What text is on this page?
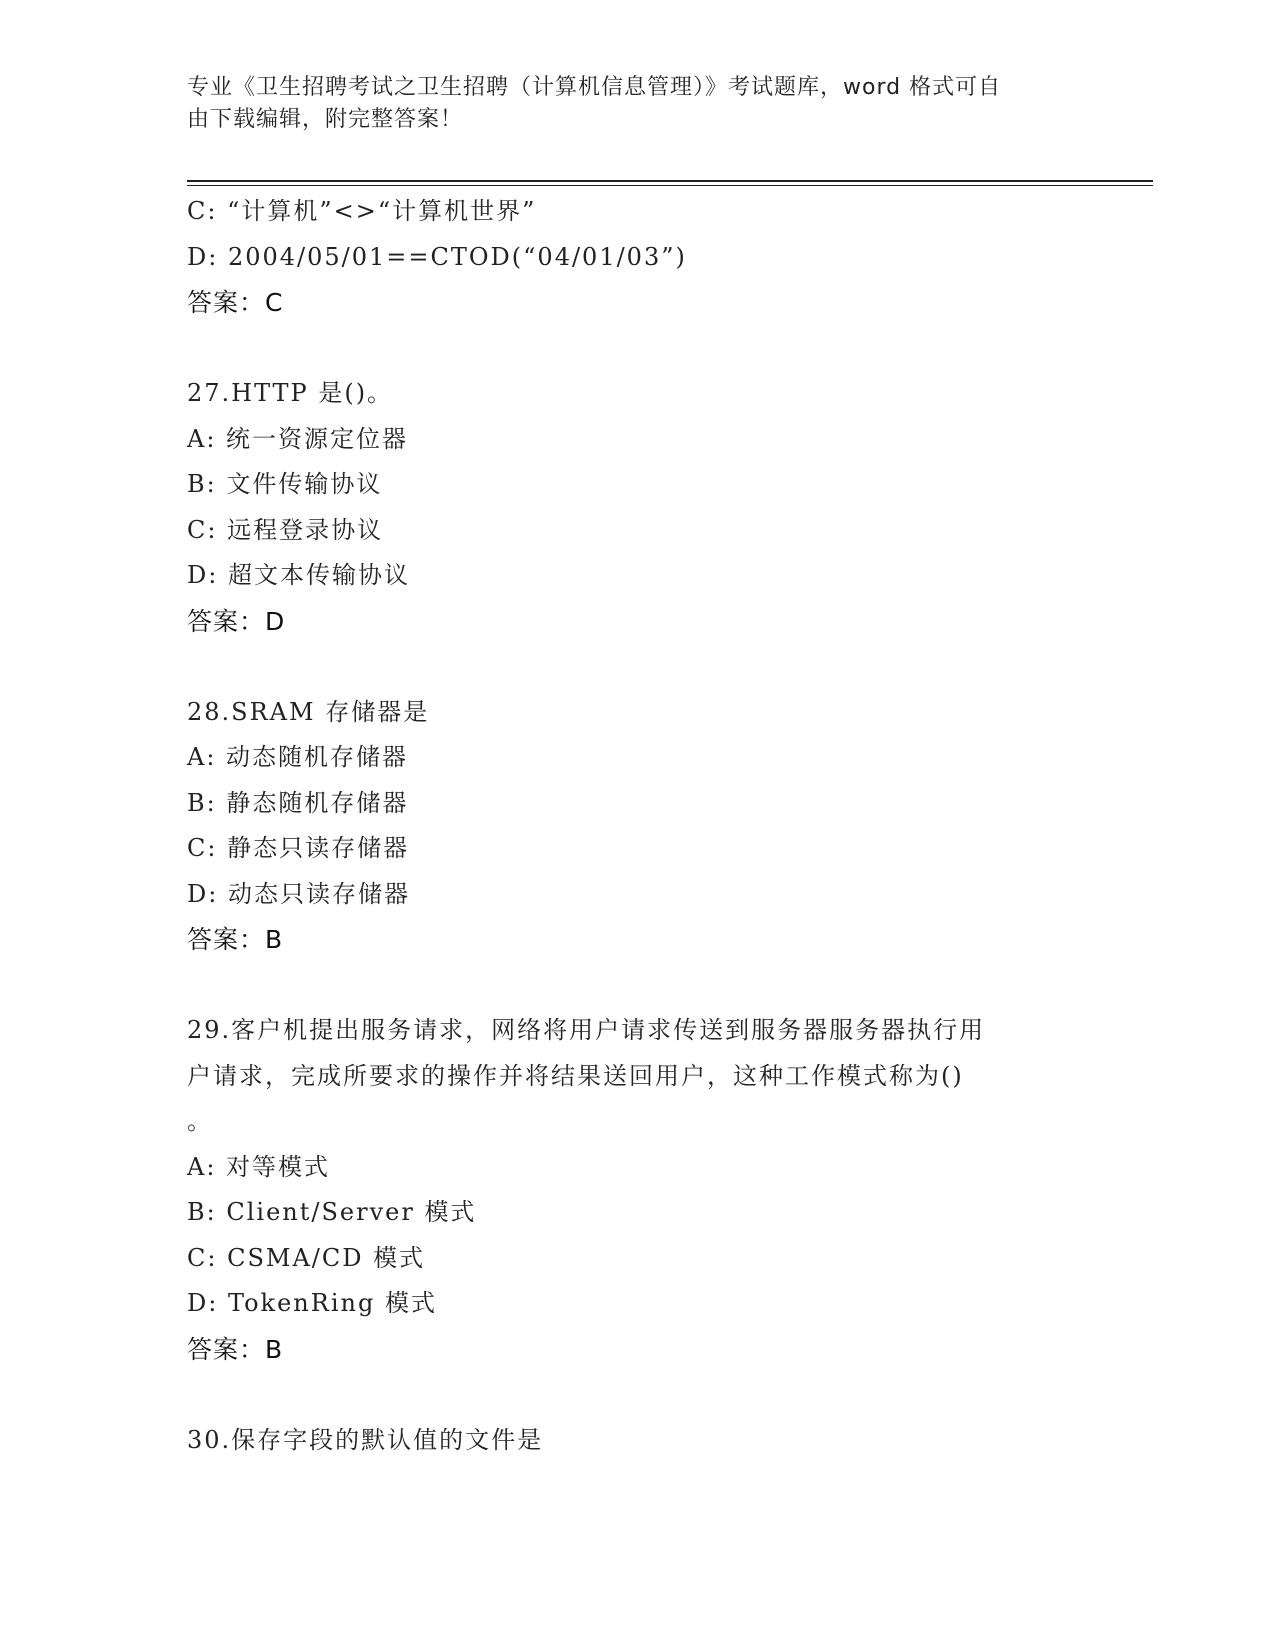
专业《卫生招聘考试之卫生招聘（计算机信息管理）》考试题库，word 格式可自
由下载编辑，附完整答案！
C: “计算机”<>“计算机世界”
D: 2004/05/01==CTOD(“04/01/03”)
答案：C
27.HTTP 是()。
A: 统一资源定位器
B: 文件传输协议
C: 远程登录协议
D: 超文本传输协议
答案：D
28.SRAM 存储器是
A: 动态随机存储器
B: 静态随机存储器
C: 静态只读存储器
D: 动态只读存储器
答案：B
29.客户机提出服务请求，网络将用户请求传送到服务器服务器执行用
户请求，完成所要求的操作并将结果送回用户，这种工作模式称为()
。
A: 对等模式
B: Client/Server 模式
C: CSMA/CD 模式
D: TokenRing 模式
答案：B
30.保存字段的默认值的文件是
